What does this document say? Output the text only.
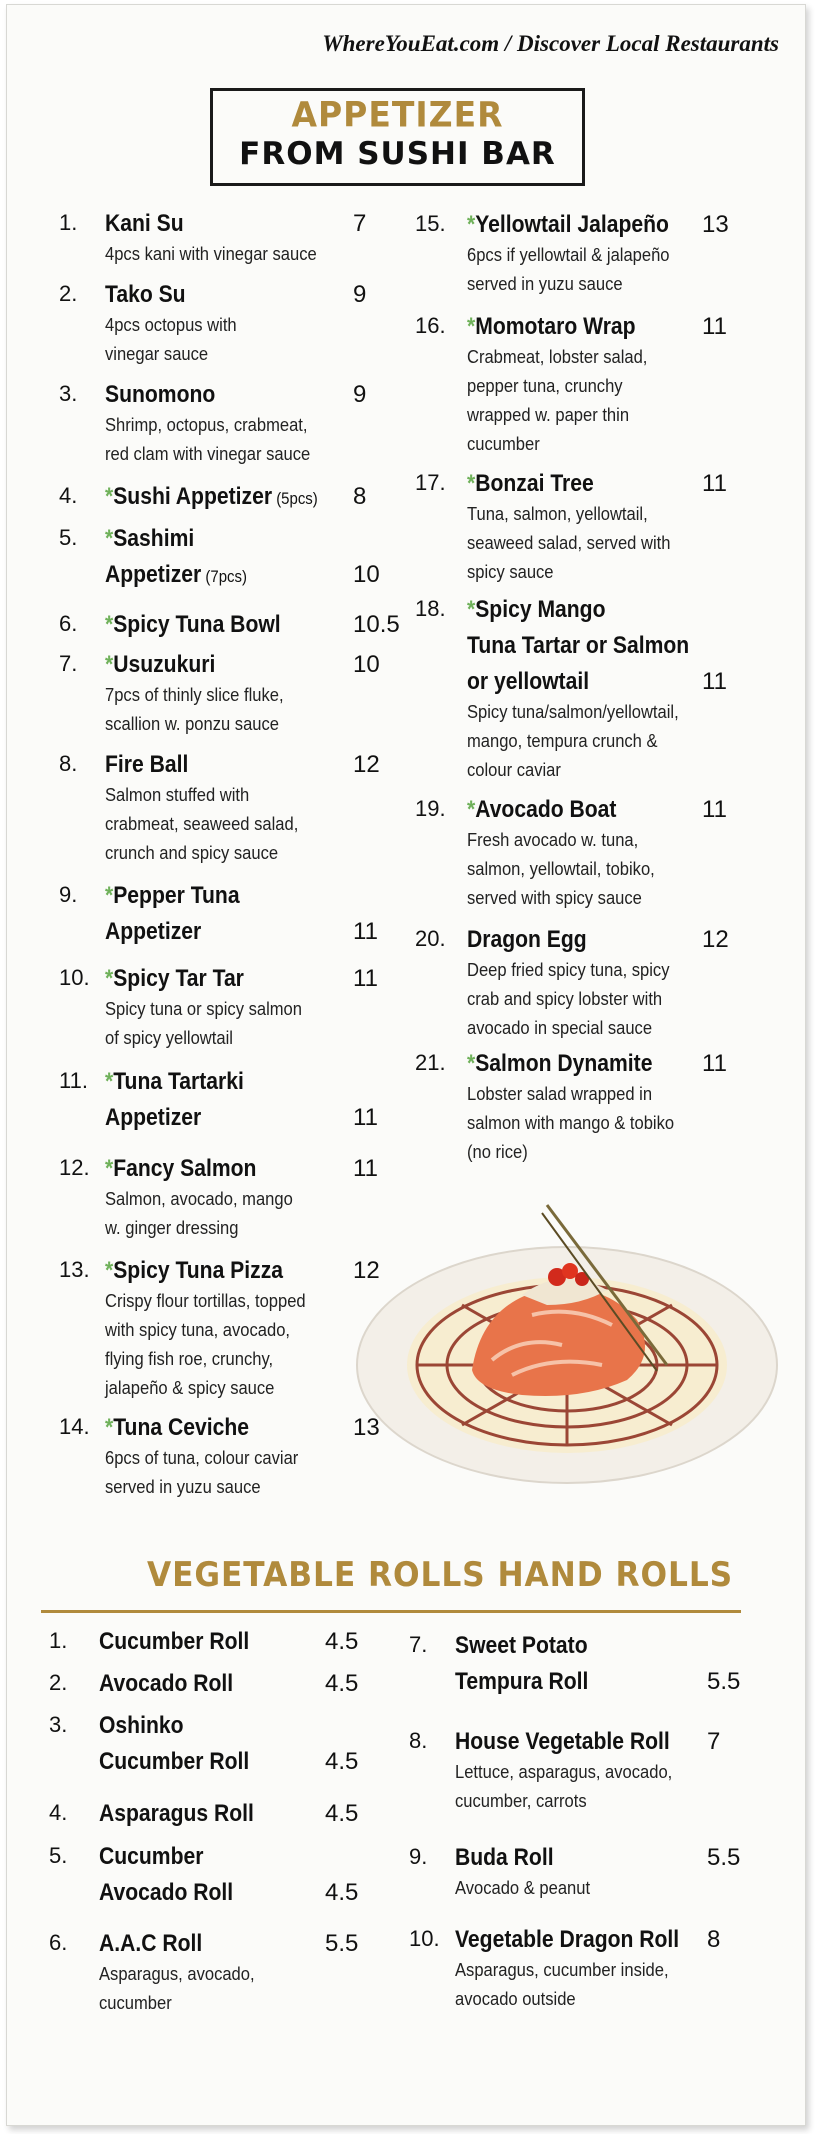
WhereYouEat.com / Discover Local Restaurants
APPETIZER
FROM SUSHI BAR
1. Kani Su	7
4pcs kani with vinegar sauce
2. Tako Su	9
4pcs octopus with
vinegar sauce
3. Sunomono	9
Shrimp, octopus, crabmeat,
red clam with vinegar sauce
4. *Sushi Appetizer (5pcs) 8
5. *Sashimi
Appetizer (7pcs)	10
6. *Spicy Tuna Bowl	10.5
7. *Usuzukuri	10
7pcs of thinly slice fluke,
scallion w. ponzu sauce
8. Fire Ball	12
Salmon stuffed with
crabmeat, seaweed salad,
crunch and spicy sauce
9. *Pepper Tuna
Appetizer	11
10. *Spicy Tar Tar	11
Spicy tuna or spicy salmon
of spicy yellowtail
11. *Tuna Tartarki
Appetizer	11
12. *Fancy Salmon	11
Salmon, avocado, mango
w. ginger dressing
13. *Spicy Tuna Pizza	12
Crispy flour tortillas, topped
with spicy tuna, avocado,
flying fish roe, crunchy,
jalapeño & spicy sauce
14. *Tuna Ceviche	13
6pcs of tuna, colour caviar
served in yuzu sauce
15. *Yellowtail Jalapeño 13
6pcs if yellowtail & jalapeño
served in yuzu sauce
16. *Momotaro Wrap	11
Crabmeat, lobster salad,
pepper tuna, crunchy
wrapped w. paper thin
cucumber
17. *Bonzai Tree	11
Tuna, salmon, yellowtail,
seaweed salad, served with
spicy sauce
18. *Spicy Mango
Tuna Tartar or Salmon
or yellowtail	11
Spicy tuna/salmon/yellowtail,
mango, tempura crunch &
colour caviar
19. *Avocado Boat	11
Fresh avocado w. tuna,
salmon, yellowtail, tobiko,
served with spicy sauce
20. Dragon Egg	12
Deep fried spicy tuna, spicy
crab and spicy lobster with
avocado in special sauce
21. *Salmon Dynamite 11
Lobster salad wrapped in
salmon with mango & tobiko
(no rice)
1. Cucumber Roll	4.5
2. Avocado Roll	4.5
3. Oshinko
Cucumber Roll	4.5
4. Asparagus Roll	4.5
5. Cucumber
Avocado Roll	4.5
6. A.A.C Roll	5.5
Asparagus, avocado,
cucumber
7. Sweet Potato
Tempura Roll	5.5
8. House Vegetable Roll 7
Lettuce, asparagus, avocado,
cucumber, carrots
9. Buda Roll	5.5
Avocado & peanut
10. Vegetable Dragon Roll 8
Asparagus, cucumber inside,
avocado outside
VEGETABLE ROLLS HAND ROLLS
